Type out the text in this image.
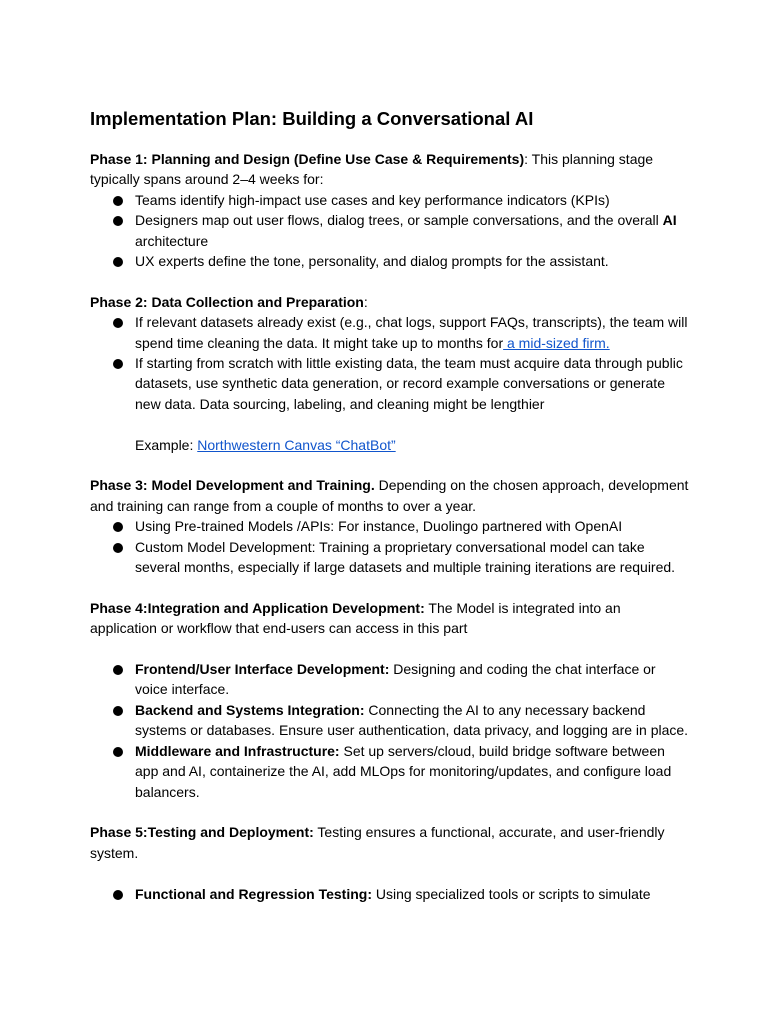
Implementation Plan: Building a Conversational AI

Phase 1: Planning and Design (Define Use Case & Requirements): This planning stage typically spans around 2–4 weeks for:

Teams identify high-impact use cases and key performance indicators (KPIs)
Designers map out user flows, dialog trees, or sample conversations, and the overall AI architecture
UX experts define the tone, personality, and dialog prompts for the assistant.

Phase 2: Data Collection and Preparation:

If relevant datasets already exist (e.g., chat logs, support FAQs, transcripts), the team will spend time cleaning the data. It might take up to months for a mid-sized firm.
If starting from scratch with little existing data, the team must acquire data through public datasets, use synthetic data generation, or record example conversations or generate new data. Data sourcing, labeling, and cleaning might be lengthier

Example: Northwestern Canvas “ChatBot”

Phase 3: Model Development and Training. Depending on the chosen approach, development and training can range from a couple of months to over a year.

Using Pre-trained Models /APIs: For instance, Duolingo partnered with OpenAI
Custom Model Development: Training a proprietary conversational model can take several months, especially if large datasets and multiple training iterations are required.

Phase 4:Integration and Application Development: The Model is integrated into an application or workflow that end-users can access in this part

Frontend/User Interface Development: Designing and coding the chat interface or voice interface.
Backend and Systems Integration: Connecting the AI to any necessary backend systems or databases. Ensure user authentication, data privacy, and logging are in place.
Middleware and Infrastructure: Set up servers/cloud, build bridge software between app and AI, containerize the AI, add MLOps for monitoring/updates, and configure load balancers.

Phase 5:Testing and Deployment: Testing ensures a functional, accurate, and user-friendly system.

Functional and Regression Testing: Using specialized tools or scripts to simulate
